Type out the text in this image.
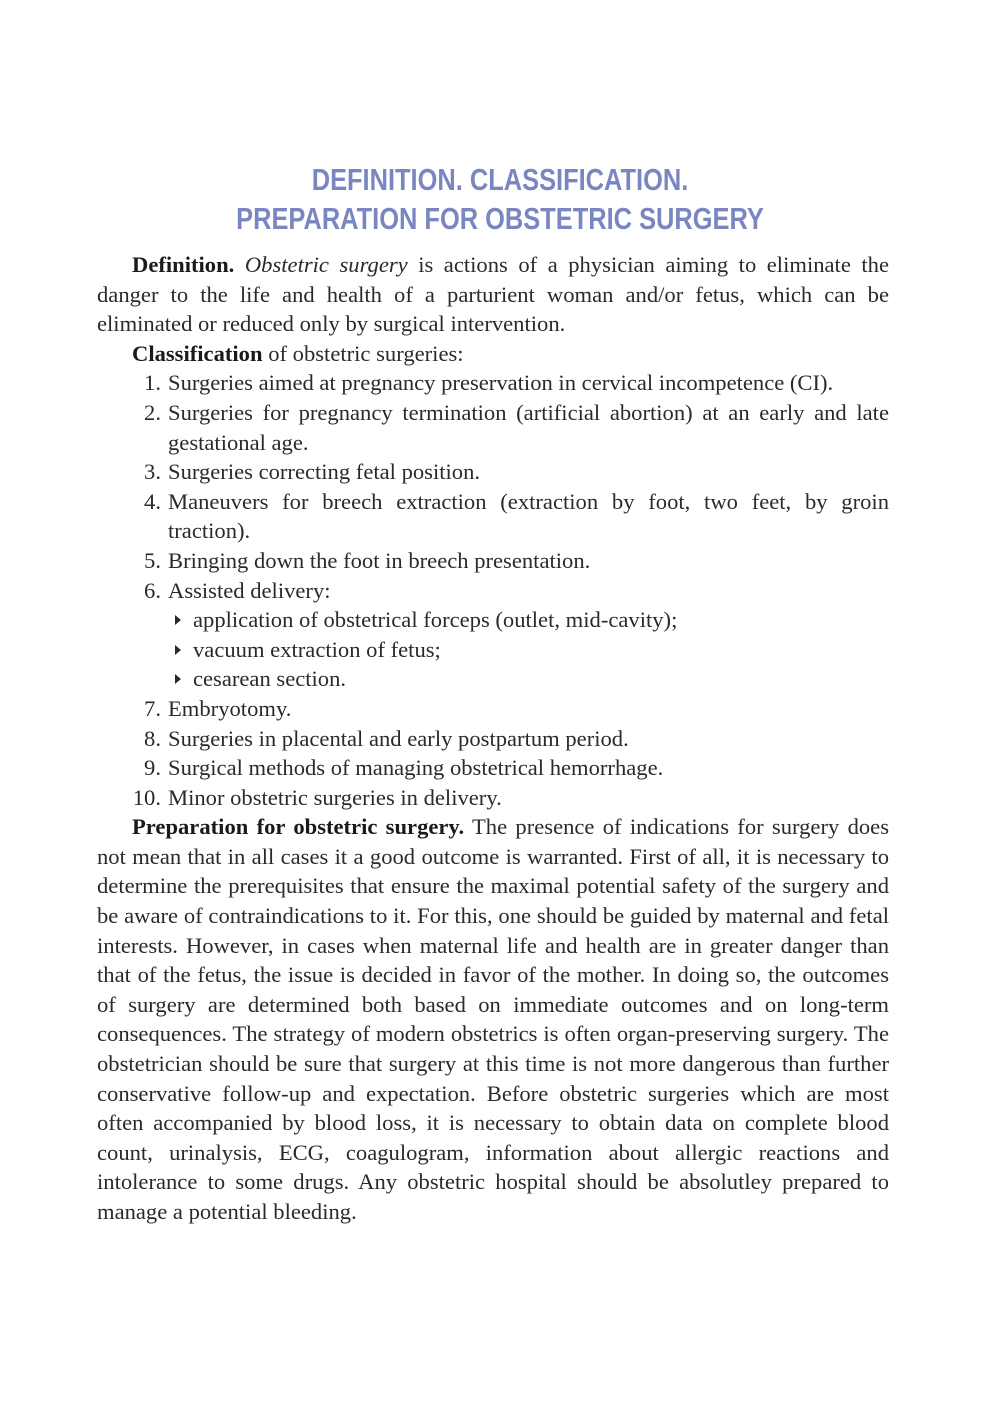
DEFINITION. CLASSIFICATION.
PREPARATION FOR OBSTETRIC SURGERY

Definition. Obstetric surgery is actions of a physician aiming to eliminate the danger to the life and health of a parturient woman and/or fetus, which can be eliminated or reduced only by surgical intervention.

Classification of obstetric surgeries:

1. Surgeries aimed at pregnancy preservation in cervical incompetence (CI).
2. Surgeries for pregnancy termination (artificial abortion) at an early and late gestational age.
3. Surgeries correcting fetal position.
4. Maneuvers for breech extraction (extraction by foot, two feet, by groin traction).
5. Bringing down the foot in breech presentation.
6. Assisted delivery:
application of obstetrical forceps (outlet, mid-cavity);
vacuum extraction of fetus;
cesarean section.
7. Embryotomy.
8. Surgeries in placental and early postpartum period.
9. Surgical methods of managing obstetrical hemorrhage.
10. Minor obstetric surgeries in delivery.

Preparation for obstetric surgery. The presence of indications for surgery does not mean that in all cases it a good outcome is warranted. First of all, it is necessary to determine the prerequisites that ensure the maximal potential safety of the surgery and be aware of contraindications to it. For this, one should be guided by maternal and fetal interests. However, in cases when maternal life and health are in greater danger than that of the fetus, the issue is decided in favor of the mother. In doing so, the outcomes of surgery are determined both based on immediate outcomes and on long-term consequences. The strategy of modern obstetrics is often organ-preserving surgery. The obstetrician should be sure that surgery at this time is not more dangerous than further conservative follow-up and expectation. Before obstetric surgeries which are most often accompanied by blood loss, it is necessary to obtain data on complete blood count, urinalysis, ECG, coagulogram, information about allergic reactions and intolerance to some drugs. Any obstetric hospital should be absolutley prepared to manage a potential bleeding.
